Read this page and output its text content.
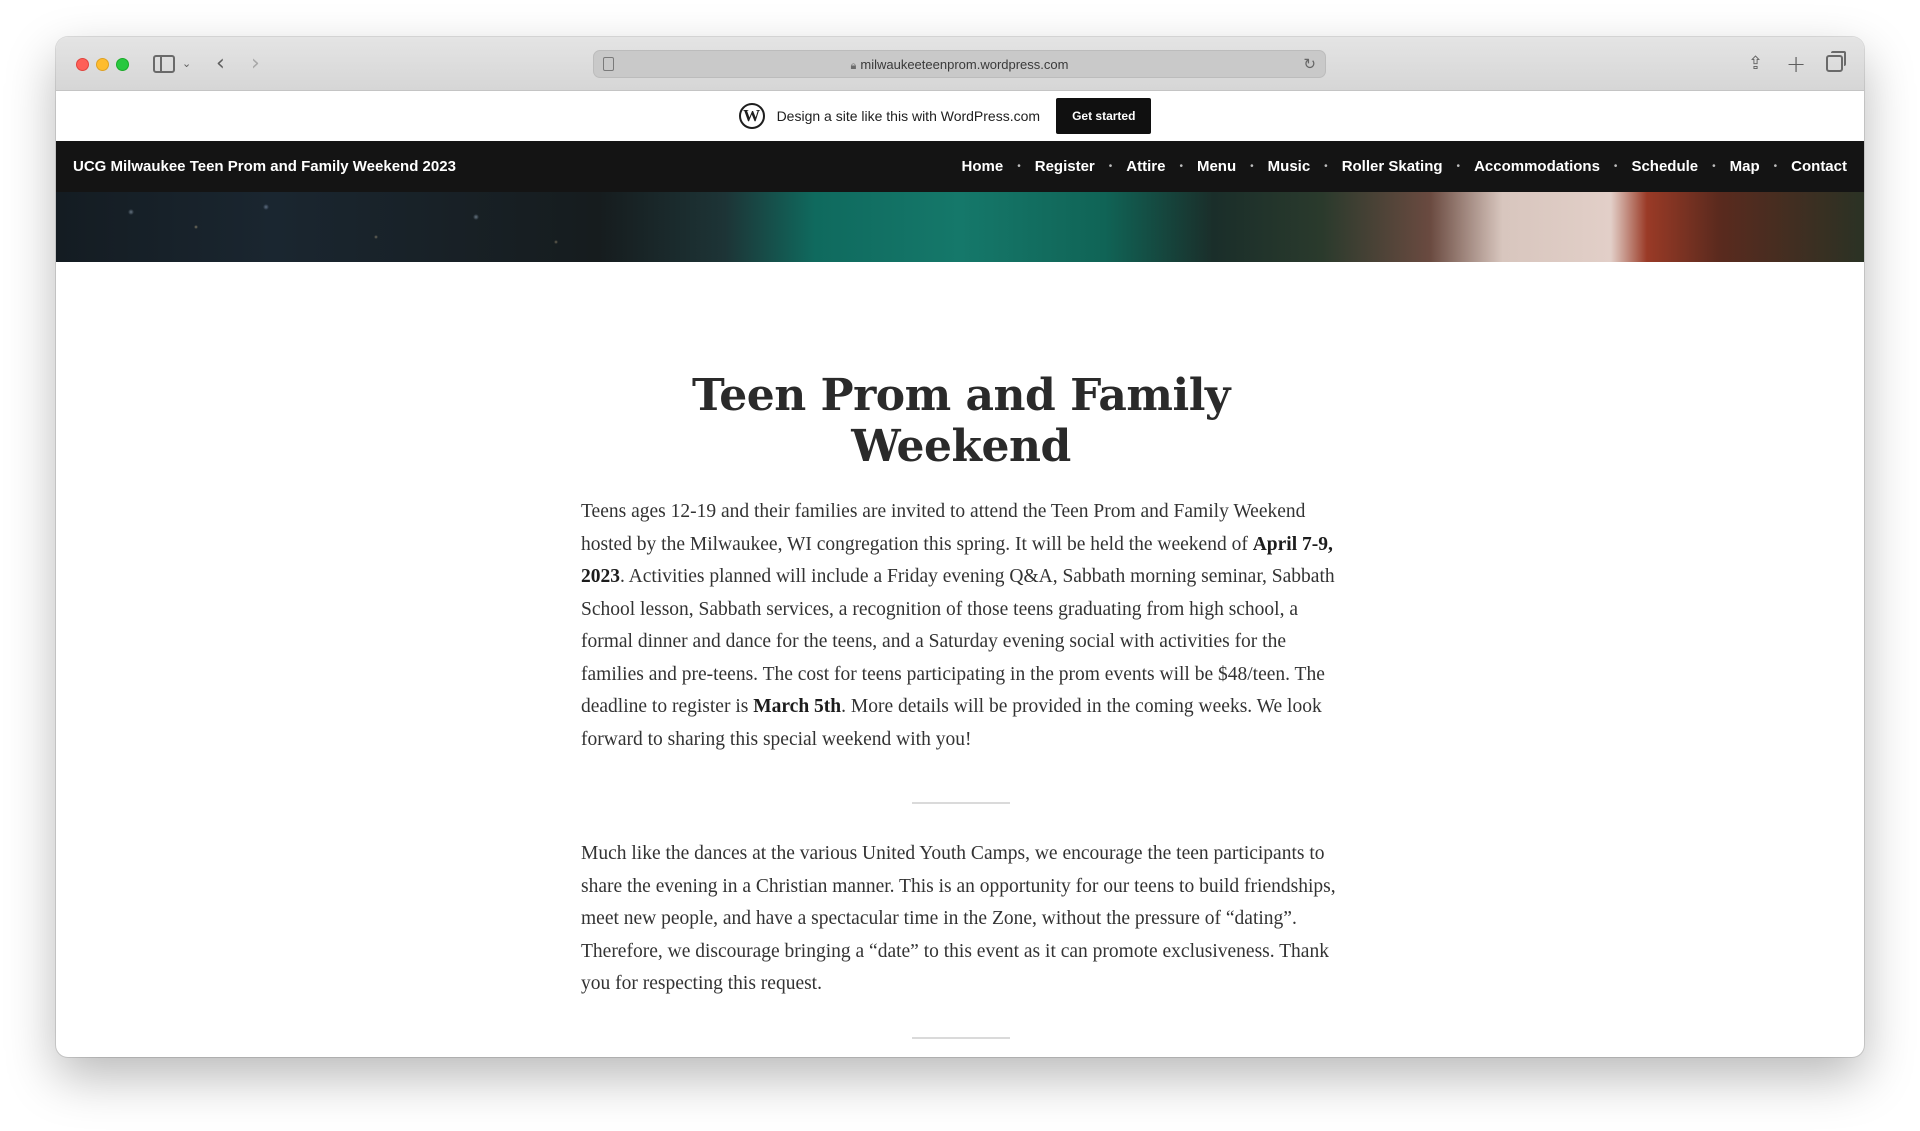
⌄ ‹ ›	🔒︎ milwaukeeteenprom.wordpress.com	↻	⇪ +
W	Design a site like this with WordPress.com	Get started
UCG Milwaukee Teen Prom and Family Weekend 2023	Home	• Register	• Attire	• Menu	• Music	• Roller Skating	• Accommodations	• Schedule	• Map	• Contact
Teen Prom and Family Weekend

Teens ages 12-19 and their families are invited to attend the Teen Prom and Family Weekend hosted by the Milwaukee, WI congregation this spring. It will be held the weekend of April 7-9, 2023. Activities planned will include a Friday evening Q&A, Sabbath morning seminar, Sabbath School lesson, Sabbath services, a recognition of those teens graduating from high school, a formal dinner and dance for the teens, and a Saturday evening social with activities for the families and pre-teens. The cost for teens participating in the prom events will be $48/teen. The deadline to register is March 5th. More details will be provided in the coming weeks. We look forward to sharing this special weekend with you!

Much like the dances at the various United Youth Camps, we encourage the teen participants to share the evening in a Christian manner. This is an opportunity for our teens to build friendships, meet new people, and have a spectacular time in the Zone, without the pressure of “dating”. Therefore, we discourage bringing a “date” to this event as it can promote exclusiveness. Thank you for respecting this request.
